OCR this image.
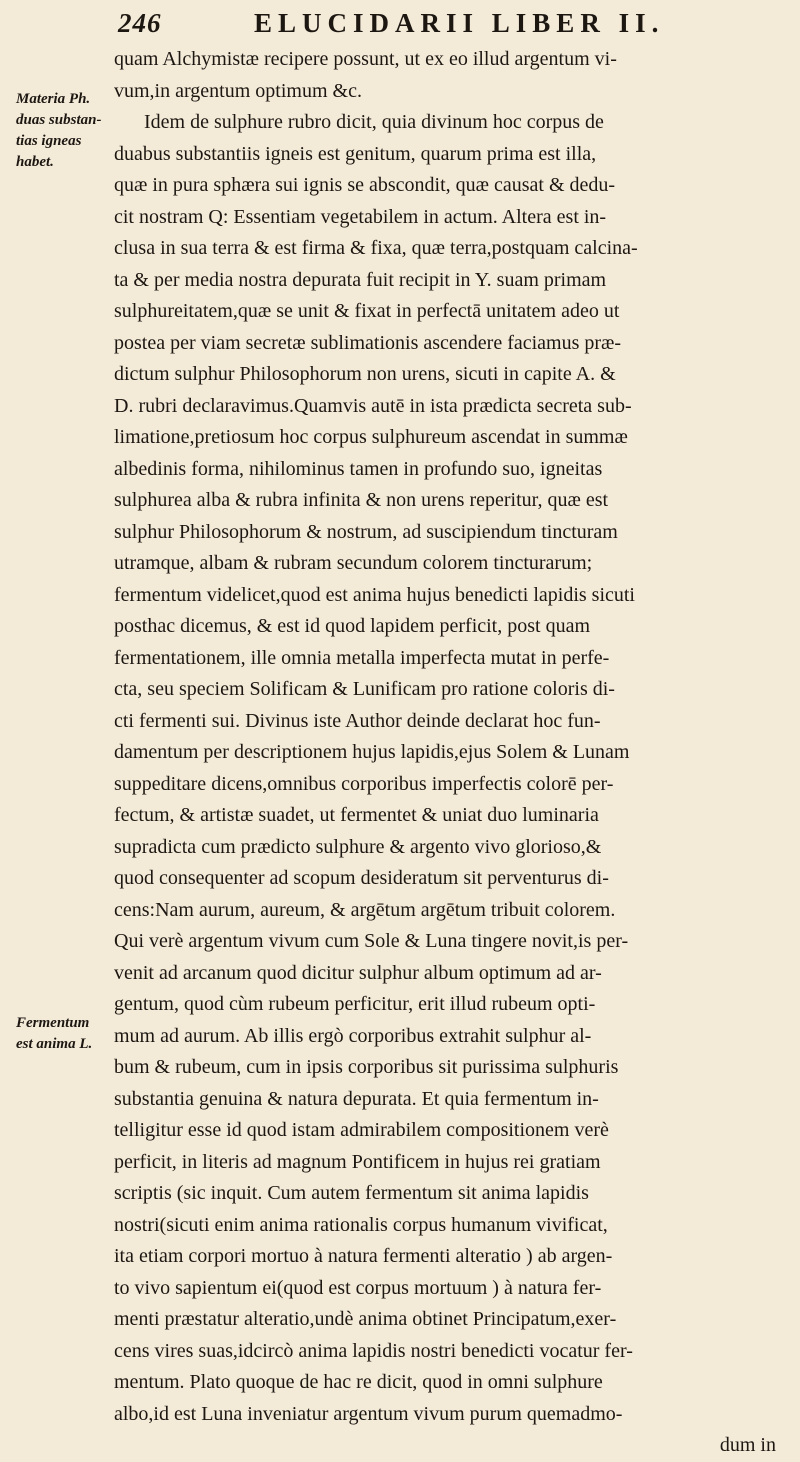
246	ELUCIDARII LIBER II.
Materia Ph.
duas substan-
tias igneas
habet.
Fermentum
est anima L.
quam Alchymistæ recipere possunt, ut ex eo illud argentum vi-
vum,in argentum optimum &c.
Idem de sulphure rubro dicit, quia divinum hoc corpus de
duabus substantiis igneis est genitum, quarum prima est illa,
quæ in pura sphæra sui ignis se abscondit, quæ causat & dedu-
cit nostram Q: Essentiam vegetabilem in actum. Altera est in-
clusa in sua terra & est firma & fixa, quæ terra,postquam calcina-
ta & per media nostra depurata fuit recipit in Y. suam primam
sulphureitatem,quæ se unit & fixat in perfectā unitatem adeo ut
postea per viam secretæ sublimationis ascendere faciamus præ-
dictum sulphur Philosophorum non urens, sicuti in capite A. &
D. rubri declaravimus.Quamvis autē in ista prædicta secreta sub-
limatione,pretiosum hoc corpus sulphureum ascendat in summæ
albedinis forma, nihilominus tamen in profundo suo, igneitas
sulphurea alba & rubra infinita & non urens reperitur, quæ est
sulphur Philosophorum & nostrum, ad suscipiendum tincturam
utramque, albam & rubram secundum colorem tincturarum;
fermentum videlicet,quod est anima hujus benedicti lapidis sicuti
posthac dicemus, & est id quod lapidem perficit, post quam
fermentationem, ille omnia metalla imperfecta mutat in perfe-
cta, seu speciem Solificam & Lunificam pro ratione coloris di-
cti fermenti sui. Divinus iste Author deinde declarat hoc fun-
damentum per descriptionem hujus lapidis,ejus Solem & Lunam
suppeditare dicens,omnibus corporibus imperfectis colorē per-
fectum, & artistæ suadet, ut fermentet & uniat duo luminaria
supradicta cum prædicto sulphure & argento vivo glorioso,&
quod consequenter ad scopum desideratum sit perventurus di-
cens:Nam aurum, aureum, & argētum argētum tribuit colorem.
Qui verè argentum vivum cum Sole & Luna tingere novit,is per-
venit ad arcanum quod dicitur sulphur album optimum ad ar-
gentum, quod cùm rubeum perficitur, erit illud rubeum opti-
mum ad aurum. Ab illis ergò corporibus extrahit sulphur al-
bum & rubeum, cum in ipsis corporibus sit purissima sulphuris
substantia genuina & natura depurata. Et quia fermentum in-
telligitur esse id quod istam admirabilem compositionem verè
perficit, in literis ad magnum Pontificem in hujus rei gratiam
scriptis (sic inquit. Cum autem fermentum sit anima lapidis
nostri(sicuti enim anima rationalis corpus humanum vivificat,
ita etiam corpori mortuo à natura fermenti alteratio ) ab argen-
to vivo sapientum ei(quod est corpus mortuum ) à natura fer-
menti præstatur alteratio,undè anima obtinet Principatum,exer-
cens vires suas,idcircò anima lapidis nostri benedicti vocatur fer-
mentum. Plato quoque de hac re dicit, quod in omni sulphure
albo,id est Luna inveniatur argentum vivum purum quemadmo-
dum in
